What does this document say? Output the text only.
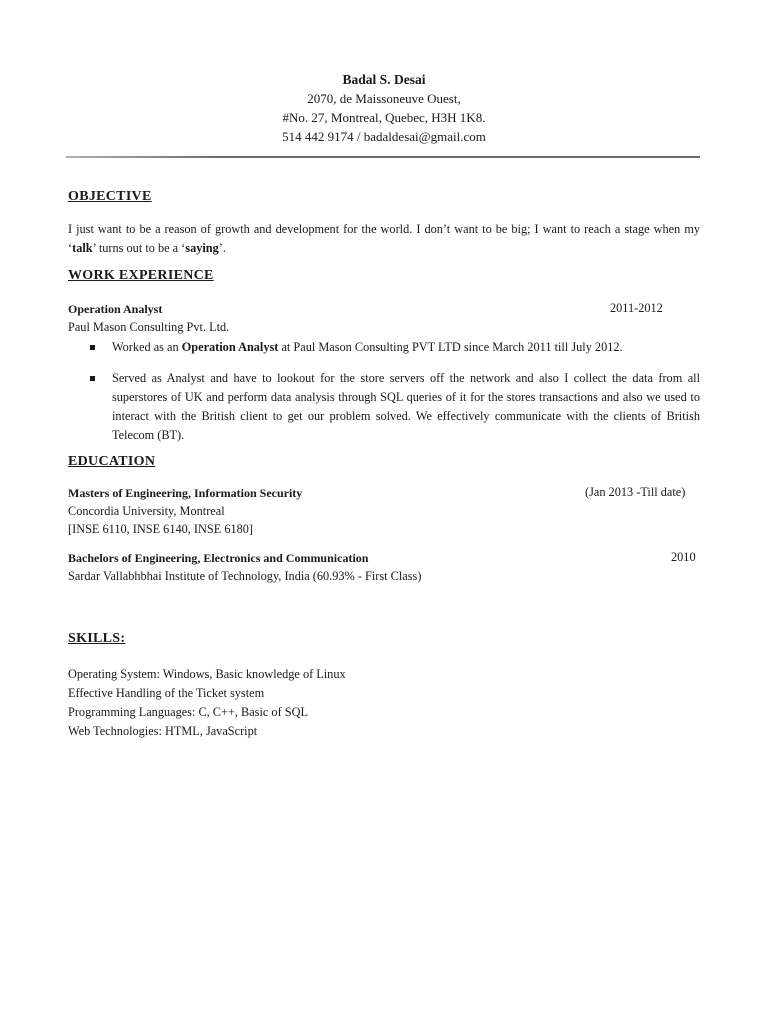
Badal S. Desai
2070, de Maissoneuve Ouest,
#No. 27, Montreal, Quebec, H3H 1K8.
514 442 9174 / badaldesai@gmail.com
OBJECTIVE
I just want to be a reason of growth and development for the world. I don’t want to be big; I want to reach a stage when my ‘talk’ turns out to be a ‘saying’.
WORK EXPERIENCE
Operation Analyst	2011-2012
Paul Mason Consulting Pvt. Ltd.
Worked as an Operation Analyst at Paul Mason Consulting PVT LTD since March 2011 till July 2012.
Served as Analyst and have to lookout for the store servers off the network and also I collect the data from all superstores of UK and perform data analysis through SQL queries of it for the stores transactions and also we used to interact with the British client to get our problem solved. We effectively communicate with the clients of British Telecom (BT).
EDUCATION
Masters of Engineering, Information Security	(Jan 2013 -Till date)
Concordia University, Montreal
[INSE 6110, INSE 6140, INSE 6180]
Bachelors of Engineering, Electronics and Communication	2010
Sardar Vallabhbhai Institute of Technology, India (60.93% - First Class)
SKILLS:
Operating System: Windows, Basic knowledge of Linux
Effective Handling of the Ticket system
Programming Languages: C, C++, Basic of SQL
Web Technologies: HTML, JavaScript
